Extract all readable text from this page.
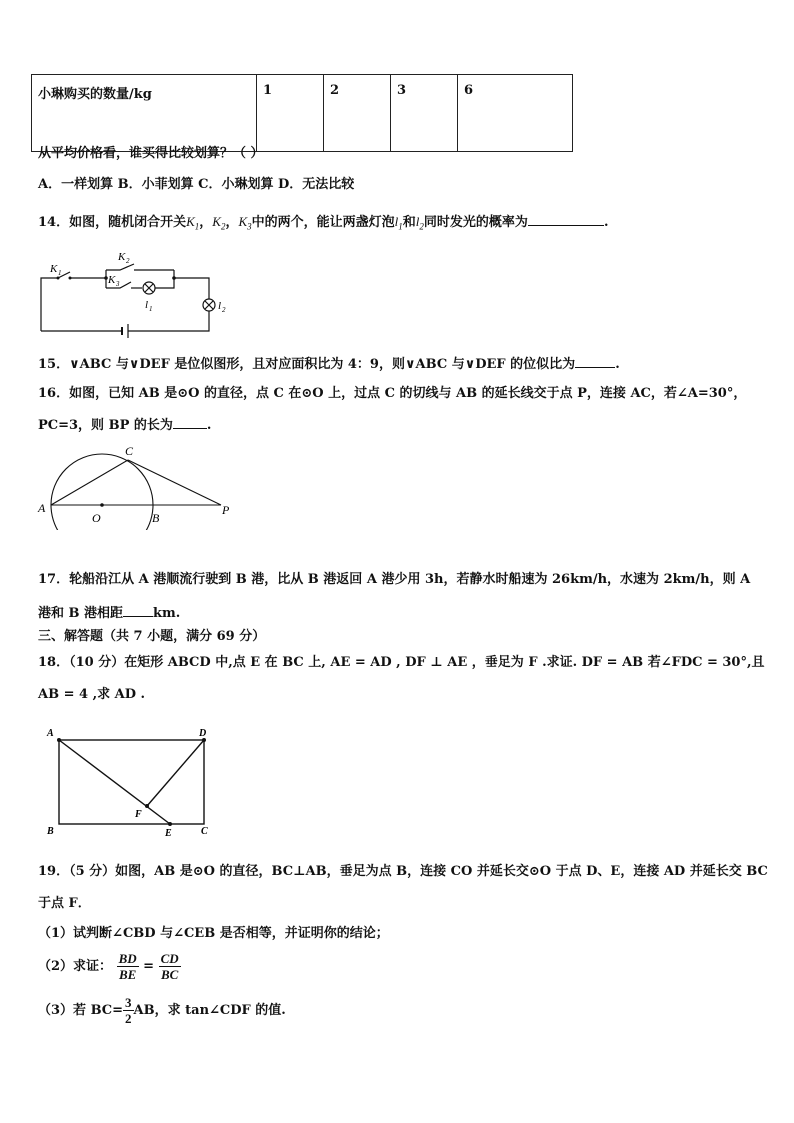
小琳购买的数量/kg	1	2	3	6
从平均价格看，谁买得比较划算？（ ）
A．一样划算 B．小菲划算 C．小琳划算 D．无法比较
14．如图，随机闭合开关$K_1$，$K_2$，$K_3$中的两个，能让两盏灯泡$l_1$和$l_2$同时发光的概率为	.
K 1
K 2
K 3
l 1	l 2
15．∨ABC 与∨DEF 是位似图形，且对应面积比为 4：9，则∨ABC 与∨DEF 的位似比为	.
16．如图，已知 AB 是⊙O 的直径，点 C 在⊙O 上，过点 C 的切线与 AB 的延长线交于点 P，连接 AC，若∠A=30°，
PC=3，则 BP 的长为	.
A
O	B
P
C
17．轮船沿江从 A 港顺流行驶到 B 港，比从 B 港返回 A 港少用 3h，若静水时船速为 26km/h，水速为 2km/h，则 A
港和 B 港相距 km.
三、解答题（共 7 小题，满分 69 分）
18．（10 分）在矩形 ABCD 中,点 E 在 BC 上, AE = AD , DF ⊥ AE ，垂足为 F .求证. DF = AB 若∠FDC = 30°,且
AB = 4 ,求 AD .
A	D
B	C
E
F
19．（5 分）如图，AB 是⊙O 的直径，BC⊥AB，垂足为点 B，连接 CO 并延长交⊙O 于点 D、E，连接 AD 并延长交 BC
于点 F．
（1）试判断∠CBD 与∠CEB 是否相等，并证明你的结论；
（2）求证： $\frac{BD}{BE} = \frac{CD}{BC}$
（3）若 $BC= \frac{3}{2}$ AB，求 tan∠CDF 的值.
